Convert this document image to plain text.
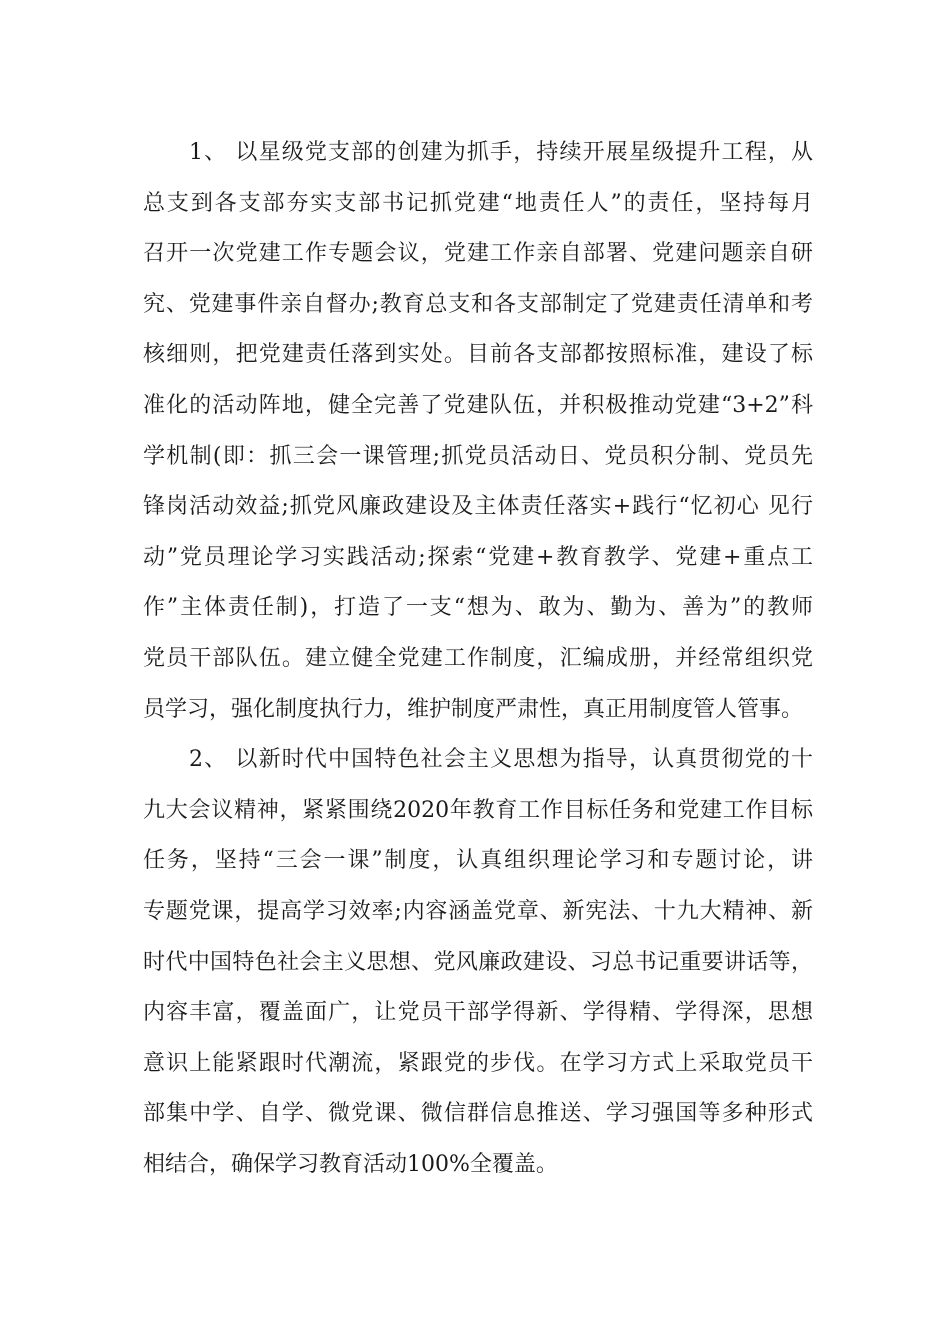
1、 以星级党支部的创建为抓手，持续开展星级提升工程，从
总支到各支部夯实支部书记抓党建“地责任人”的责任，坚持每月
召开一次党建工作专题会议，党建工作亲自部署、党建问题亲自研
究、党建事件亲自督办;教育总支和各支部制定了党建责任清单和考
核细则，把党建责任落到实处。目前各支部都按照标准，建设了标
准化的活动阵地，健全完善了党建队伍，并积极推动党建“3+2”科
学机制(即：抓三会一课管理;抓党员活动日、党员积分制、党员先
锋岗活动效益;抓党风廉政建设及主体责任落实+践行“忆初心 见行
动”党员理论学习实践活动;探索“党建+教育教学、党建+重点工
作”主体责任制)，打造了一支“想为、敢为、勤为、善为”的教师
党员干部队伍。建立健全党建工作制度，汇编成册，并经常组织党
员学习，强化制度执行力，维护制度严肃性，真正用制度管人管事。
2、 以新时代中国特色社会主义思想为指导，认真贯彻党的十
九大会议精神，紧紧围绕2020年教育工作目标任务和党建工作目标
任务，坚持“三会一课”制度，认真组织理论学习和专题讨论，讲
专题党课，提高学习效率;内容涵盖党章、新宪法、十九大精神、新
时代中国特色社会主义思想、党风廉政建设、习总书记重要讲话等，
内容丰富，覆盖面广，让党员干部学得新、学得精、学得深，思想
意识上能紧跟时代潮流，紧跟党的步伐。在学习方式上采取党员干
部集中学、自学、微党课、微信群信息推送、学习强国等多种形式
相结合，确保学习教育活动100%全覆盖。
